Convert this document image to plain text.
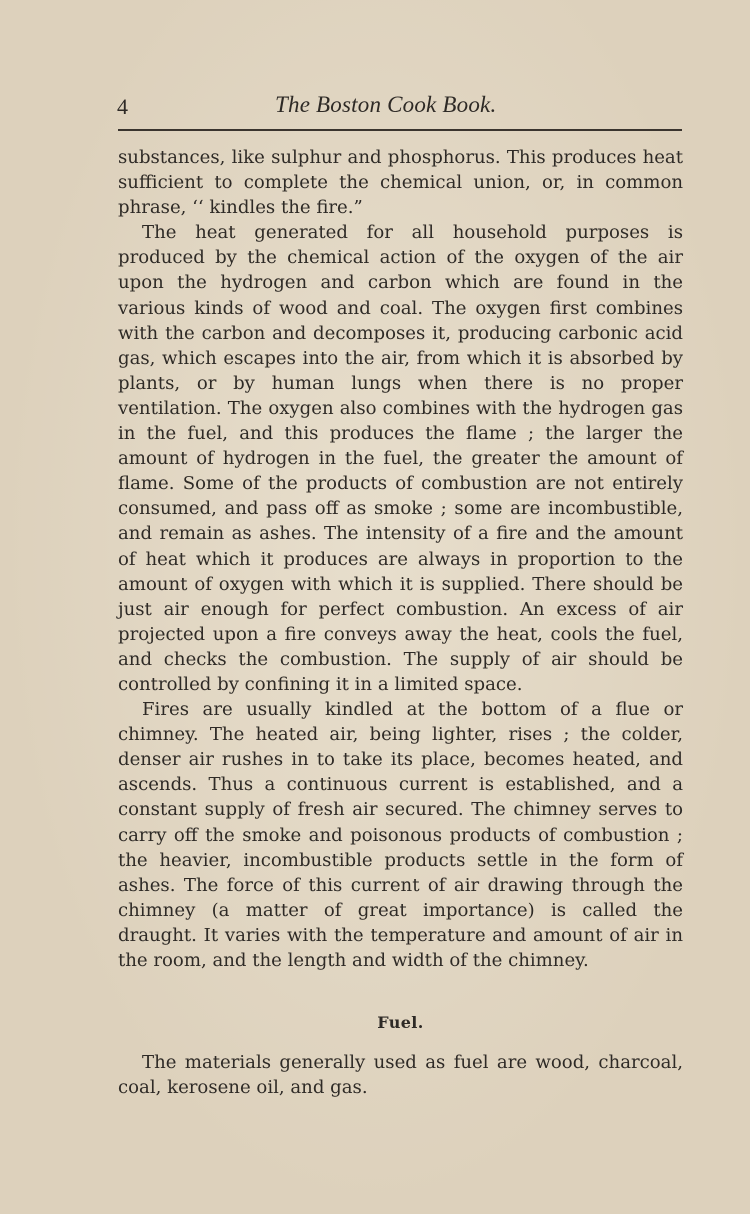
4	The Boston Cook Book.

substances, like sulphur and phosphorus. This produces heat sufficient to complete the chemical union, or, in common phrase, ‘‘ kindles the fire.”

The heat generated for all household purposes is produced by the chemical action of the oxygen of the air upon the hydrogen and carbon which are found in the various kinds of wood and coal. The oxygen first combines with the carbon and decomposes it, producing carbonic acid gas, which escapes into the air, from which it is absorbed by plants, or by human lungs when there is no proper ventilation. The oxygen also combines with the hydrogen gas in the fuel, and this produces the flame ; the larger the amount of hydrogen in the fuel, the greater the amount of flame. Some of the products of combustion are not entirely consumed, and pass off as smoke ; some are incombustible, and remain as ashes. The intensity of a fire and the amount of heat which it produces are always in proportion to the amount of oxygen with which it is supplied. There should be just air enough for perfect combustion. An excess of air projected upon a fire conveys away the heat, cools the fuel, and checks the combustion. The supply of air should be controlled by confining it in a limited space.

Fires are usually kindled at the bottom of a flue or chimney. The heated air, being lighter, rises ; the colder, denser air rushes in to take its place, becomes heated, and ascends. Thus a continuous current is established, and a constant supply of fresh air secured. The chimney serves to carry off the smoke and poisonous products of combustion ; the heavier, incombustible products settle in the form of ashes. The force of this current of air drawing through the chimney (a matter of great importance) is called the draught. It varies with the temperature and amount of air in the room, and the length and width of the chimney.

Fuel.

The materials generally used as fuel are wood, charcoal, coal, kerosene oil, and gas.
